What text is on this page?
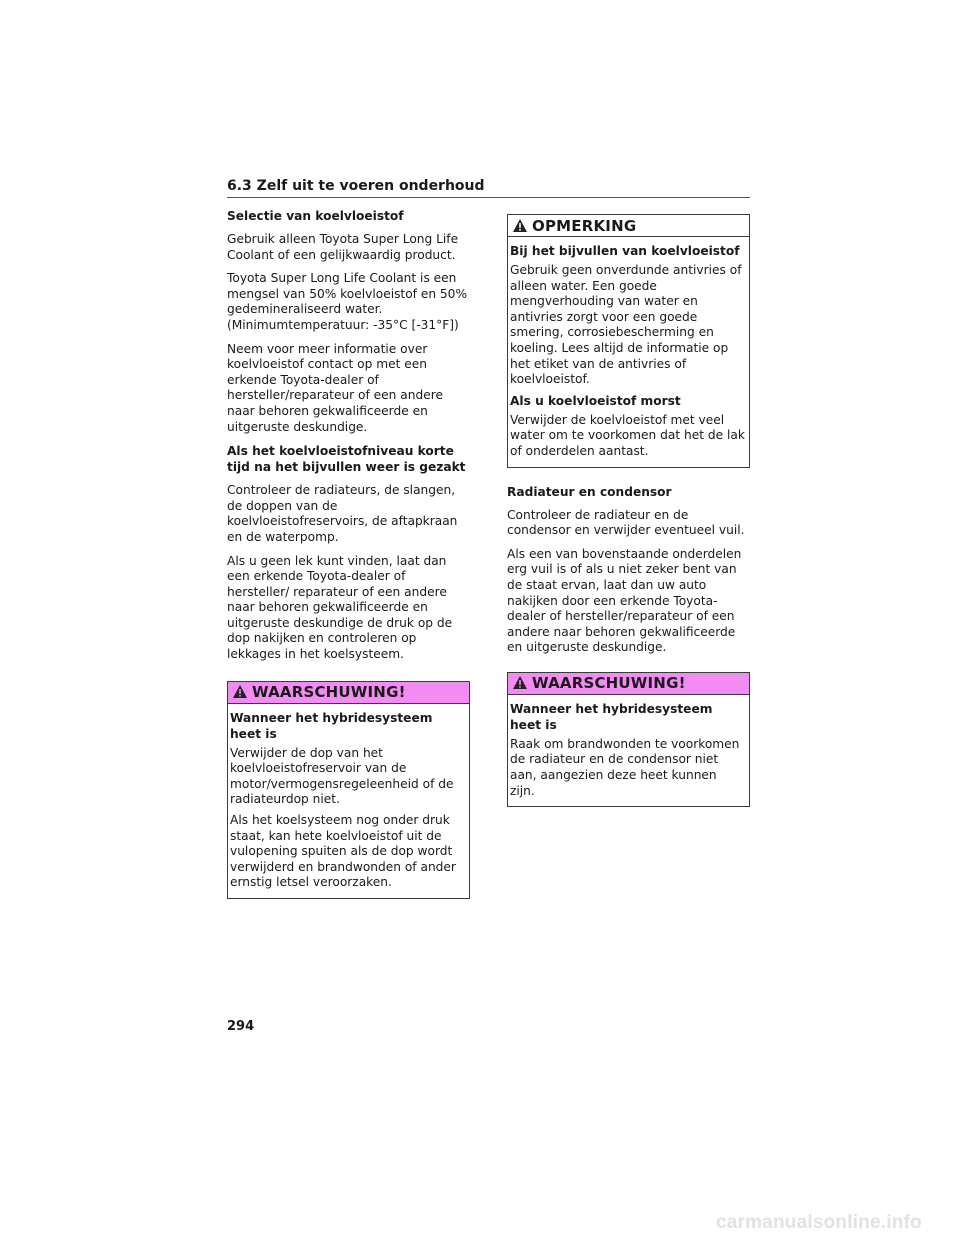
6.3 Zelf uit te voeren onderhoud
Selectie van koelvloeistof

Gebruik alleen Toyota Super Long Life Coolant of een gelijkwaardig product.

Toyota Super Long Life Coolant is een mengsel van 50% koelvloeistof en 50% gedemineraliseerd water. (Minimumtemperatuur: -35°C [-31°F])

Neem voor meer informatie over koelvloeistof contact op met een erkende Toyota-dealer of hersteller/reparateur of een andere naar behoren gekwalificeerde en uitgeruste deskundige.

Als het koelvloeistofniveau korte tijd na het bijvullen weer is gezakt

Controleer de radiateurs, de slangen, de doppen van de koelvloeistofreservoirs, de aftapkraan en de waterpomp.

Als u geen lek kunt vinden, laat dan een erkende Toyota-dealer of hersteller/ reparateur of een andere naar behoren gekwalificeerde en uitgeruste deskundige de druk op de dop nakijken en controleren op lekkages in het koelsysteem.

WAARSCHUWING!
Wanneer het hybridesysteem heet is

Verwijder de dop van het koelvloeistofreservoir van de motor/vermogensregeleenheid of de radiateurdop niet.

Als het koelsysteem nog onder druk staat, kan hete koelvloeistof uit de vulopening spuiten als de dop wordt verwijderd en brandwonden of ander ernstig letsel veroorzaken.

OPMERKING
Bij het bijvullen van koelvloeistof

Gebruik geen onverdunde antivries of alleen water. Een goede mengverhouding van water en antivries zorgt voor een goede smering, corrosiebescherming en koeling. Lees altijd de informatie op het etiket van de antivries of koelvloeistof.

Als u koelvloeistof morst

Verwijder de koelvloeistof met veel water om te voorkomen dat het de lak of onderdelen aantast.

Radiateur en condensor

Controleer de radiateur en de condensor en verwijder eventueel vuil.

Als een van bovenstaande onderdelen erg vuil is of als u niet zeker bent van de staat ervan, laat dan uw auto nakijken door een erkende Toyota-dealer of hersteller/reparateur of een andere naar behoren gekwalificeerde en uitgeruste deskundige.

WAARSCHUWING!
Wanneer het hybridesysteem heet is

Raak om brandwonden te voorkomen de radiateur en de condensor niet aan, aangezien deze heet kunnen zijn.

294
carmanualsonline.info
